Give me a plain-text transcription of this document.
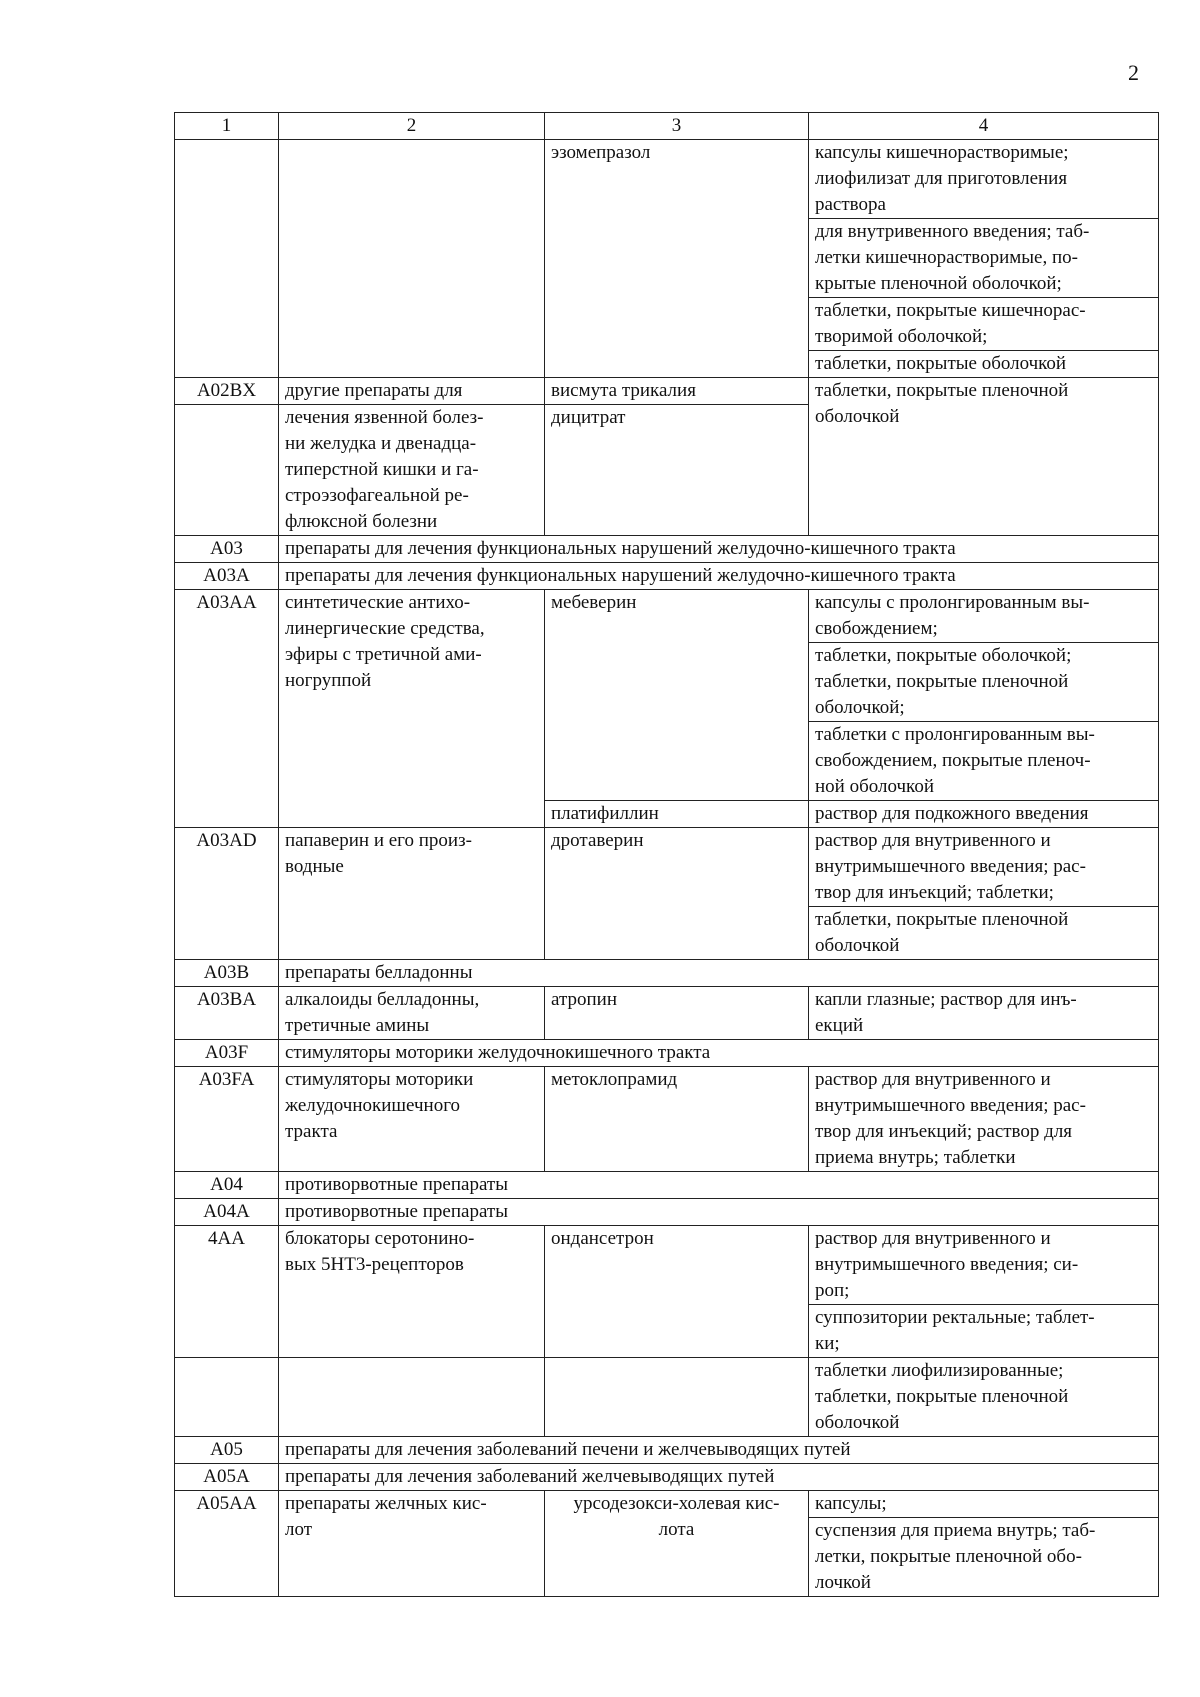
2
1	2	3	4
		эзомепразол	капсулы кишечнорастворимые;
лиофилизат для приготовления
раствора
			для внутривенного введения; таб-
летки кишечнорастворимые, по-
крытые пленочной оболочкой;
			таблетки, покрытые кишечнорас-
творимой оболочкой;
			таблетки, покрытые оболочкой
A02BX	другие препараты для	висмута трикалия	таблетки, покрытые пленочной
оболочкой
	лечения язвенной болез-
ни желудка и двенадца-
типерстной кишки и га-
строэзофагеальной ре-
флюксной болезни	дицитрат	
A03	препараты для лечения функциональных нарушений желудочно-кишечного тракта		
A03A	препараты для лечения функциональных нарушений желудочно-кишечного тракта		
A03AA	синтетические антихо-
линергические средства,
эфиры с третичной ами-
ногруппой	мебеверин	капсулы с пролонгированным вы-
свобождением;
			таблетки, покрытые оболочкой;
таблетки, покрытые пленочной
оболочкой;
			таблетки с пролонгированным вы-
свобождением, покрытые пленоч-
ной оболочкой
		платифиллин	раствор для подкожного введения
A03AD	папаверин и его произ-
водные	дротаверин	раствор для внутривенного и
внутримышечного введения; рас-
твор для инъекций; таблетки;
			таблетки, покрытые пленочной
оболочкой
A03B	препараты белладонны		
A03BA	алкалоиды белладонны,
третичные амины	атропин	капли глазные; раствор для инъ-
екций
A03F	стимуляторы моторики желудочнокишечного тракта		
A03FA	стимуляторы моторики
желудочнокишечного
тракта	метоклопрамид	раствор для внутривенного и
внутримышечного введения; рас-
твор для инъекций; раствор для
приема внутрь; таблетки
A04	противорвотные препараты		
A04A	противорвотные препараты		
4AA	блокаторы серотонино-
вых 5HT3-рецепторов	ондансетрон	раствор для внутривенного и
внутримышечного введения; си-
роп;
			суппозитории ректальные; таблет-
ки;
			таблетки лиофилизированные;
таблетки, покрытые пленочной
оболочкой
A05	препараты для лечения заболеваний печени и желчевыводящих путей		
A05A	препараты для лечения заболеваний желчевыводящих путей		
A05AA	препараты желчных кис-
лот	урсодезокси-холевая кис-
лота	капсулы;
			суспензия для приема внутрь; таб-
летки, покрытые пленочной обо-
лочкой
